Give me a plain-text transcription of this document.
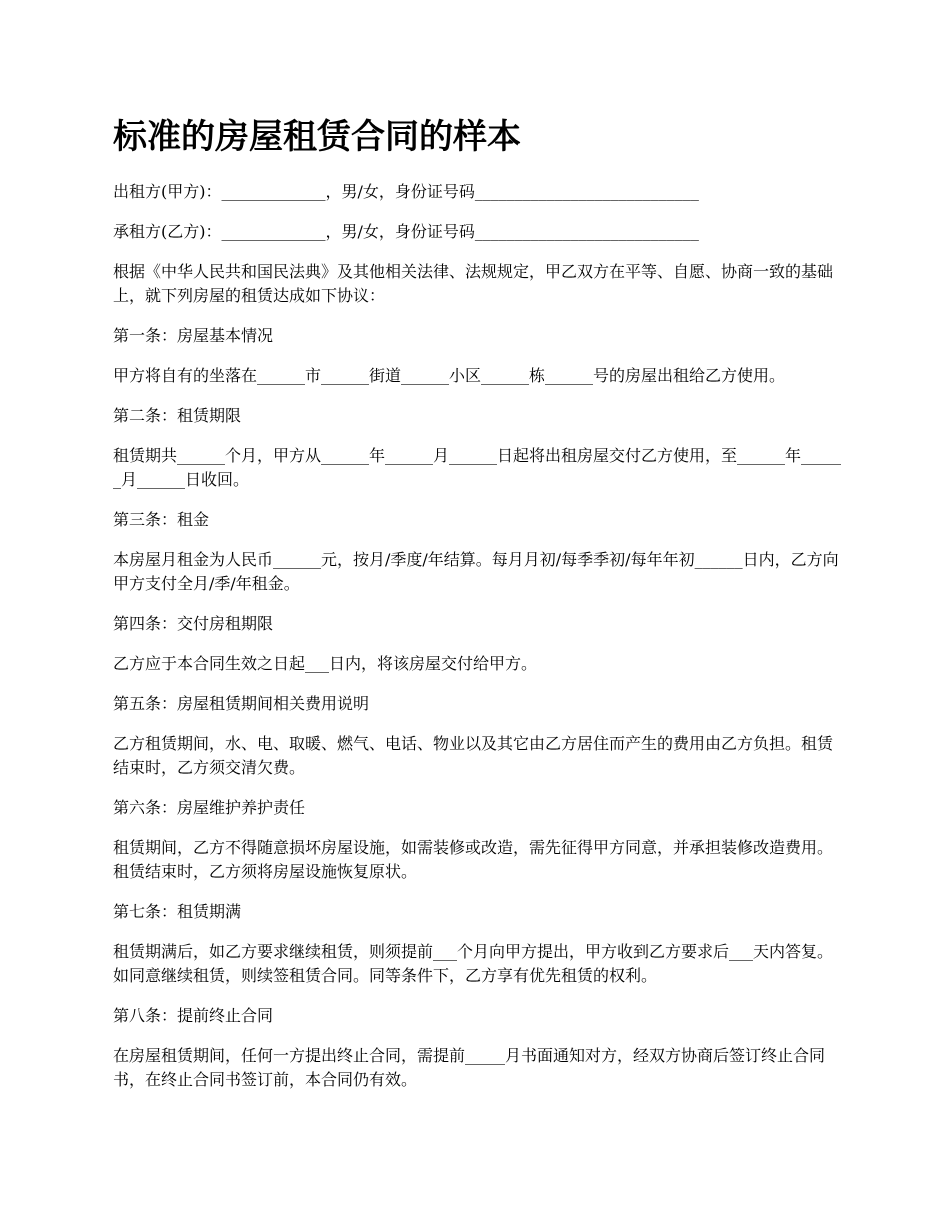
标准的房屋租赁合同的样本

出租方(甲方)：_____________，男/女，身份证号码____________________________

承租方(乙方)：_____________，男/女，身份证号码____________________________

根据《中华人民共和国民法典》及其他相关法律、法规规定，甲乙双方在平等、自愿、协商一致的基础上，就下列房屋的租赁达成如下协议：

第一条：房屋基本情况

甲方将自有的坐落在______市______街道______小区______栋______号的房屋出租给乙方使用。

第二条：租赁期限

租赁期共______个月，甲方从______年______月______日起将出租房屋交付乙方使用，至______年______月______日收回。

第三条：租金

本房屋月租金为人民币______元，按月/季度/年结算。每月月初/每季季初/每年年初______日内，乙方向甲方支付全月/季/年租金。

第四条：交付房租期限

乙方应于本合同生效之日起___日内，将该房屋交付给甲方。

第五条：房屋租赁期间相关费用说明

乙方租赁期间，水、电、取暖、燃气、电话、物业以及其它由乙方居住而产生的费用由乙方负担。租赁结束时，乙方须交清欠费。

第六条：房屋维护养护责任

租赁期间，乙方不得随意损坏房屋设施，如需装修或改造，需先征得甲方同意，并承担装修改造费用。租赁结束时，乙方须将房屋设施恢复原状。

第七条：租赁期满

租赁期满后，如乙方要求继续租赁，则须提前___个月向甲方提出，甲方收到乙方要求后___天内答复。如同意继续租赁，则续签租赁合同。同等条件下，乙方享有优先租赁的权利。

第八条：提前终止合同

在房屋租赁期间，任何一方提出终止合同，需提前_____月书面通知对方，经双方协商后签订终止合同书，在终止合同书签订前，本合同仍有效。
